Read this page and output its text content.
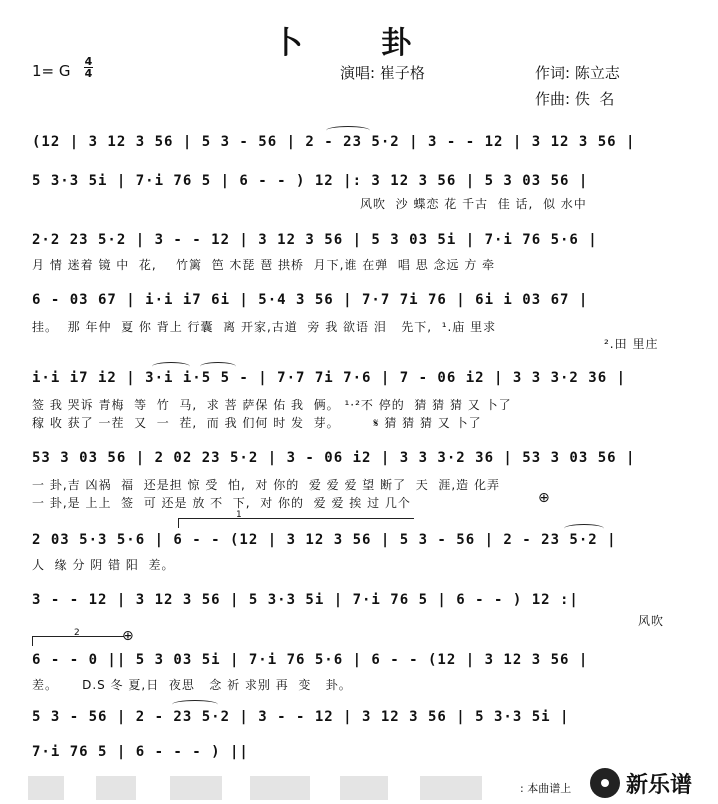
卜 卦
1= G
4
4	演唱: 崔子格	作词: 陈立志
作曲: 佚  名
(12 | 3 12 3 56 | 5 3 - 56 | 2 - 23 5·2 | 3 - - 12 | 3 12 3 56 |
5 3·3 5i | 7·i 76 5 | 6 - - ) 12 |: 3 12 3 56 | 5 3 03 56 |
风吹  沙 蝶恋 花 千古  佳 话,  似 水中
2·2 23 5·2 | 3 - - 12 | 3 12 3 56 | 5 3 03 5i | 7·i 76 5·6 |
月 情 迷着 镜 中  花,    竹篱  笆 木琵 琶 拱桥  月下,谁 在弹  唱 思 念远 方 牵
6 - 03 67 | i·i i7 6i | 5·4 3 56 | 7·7 7i 76 | 6i i 03 67 |
挂。  那 年仲  夏 你 背上 行囊  离 开家,古道  旁 我 欲语 泪   先下,  ¹.庙 里求
².田 里庄
i·i i7 i2 | 3·i i·5 5 - | 7·7 7i 7·6 | 7 - 06 i2 | 3 3 3·2 36 |
签 我 哭诉 青梅  等  竹  马,  求 菩 萨保 佑 我  俩。 ¹·²不 停的  猜 猜 猜 又 卜了
稼 收 获了 一茬  又  一  茬,  而 我 们何 时 发  芽。       𝄋 猜 猜 猜 又 卜了
53 3 03 56 | 2 02 23 5·2 | 3 - 06 i2 | 3 3 3·2 36 | 53 3 03 56 |
一 卦,吉 凶祸  福  还是担 惊 受  怕,  对 你的  爱 爱 爱 望 断了  天  涯,造 化弄
一 卦,是 上上  签  可 还是 放 不  下,  对 你的  爱 爱 挨 过 几个	⊕
1
2 03 5·3 5·6 | 6 - - (12 | 3 12 3 56 | 5 3 - 56 | 2 - 23 5·2 |
人  缘 分 阴 错 阳  差。
3 - - 12 | 3 12 3 56 | 5 3·3 5i | 7·i 76 5 | 6 - - ) 12 :|
风吹
2	⊕
6 - - 0 || 5 3 03 5i | 7·i 76 5·6 | 6 - - (12 | 3 12 3 56 |
差。     D.S 冬 夏,日  夜思   念 祈 求别 再  变   卦。
5 3 - 56 | 2 - 23 5·2 | 3 - - 12 | 3 12 3 56 | 5 3·3 5i |
7·i 76 5 | 6 - - - ) ||
: 本曲谱上 新乐谱
